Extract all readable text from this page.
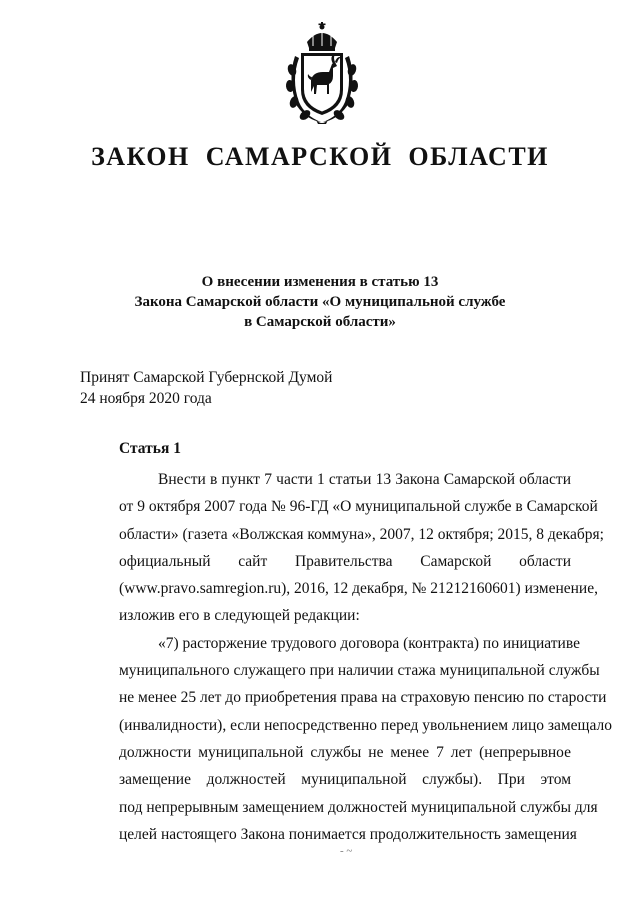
ЗАКОН САМАРСКОЙ ОБЛАСТИ
О внесении изменения в статью 13
Закона Самарской области «О муниципальной службе
в Самарской области»
Принят Самарской Губернской Думой
24 ноября 2020 года
Статья 1

Внести в пункт 7 части 1 статьи 13 Закона Самарской области
от 9 октября 2007 года № 96-ГД «О муниципальной службе в Самарской
области» (газета «Волжская коммуна», 2007, 12 октября; 2015, 8 декабря;
официальный сайт Правительства Самарской области
(www.pravo.samregion.ru), 2016, 12 декабря, № 21212160601) изменение,
изложив его в следующей редакции:

«7) расторжение трудового договора (контракта) по инициативе
муниципального служащего при наличии стажа муниципальной службы
не менее 25 лет до приобретения права на страховую пенсию по старости
(инвалидности), если непосредственно перед увольнением лицо замещало
должности муниципальной службы не менее 7 лет (непрерывное
замещение должностей муниципальной службы). При этом
под непрерывным замещением должностей муниципальной службы для
целей настоящего Закона понимается продолжительность замещения

- ~
